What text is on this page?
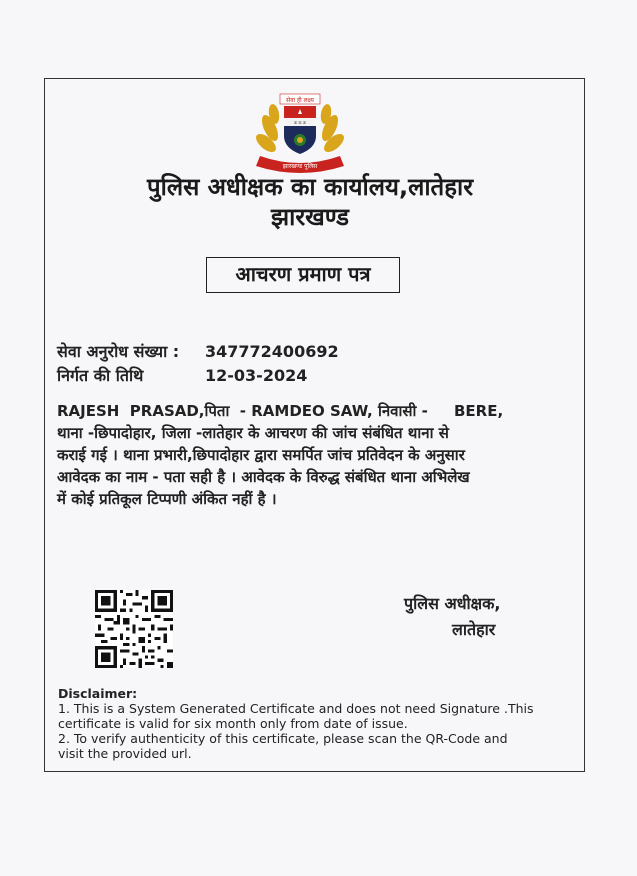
सेवा ही लक्ष्य
ऊ ऊ ऊ
झारखण्ड पुलिस
पुलिस अधीक्षक का कार्यालय,लातेहार
झारखण्ड
आचरण प्रमाण पत्र
सेवा अनुरोध संख्या : 347772400692
निर्गत की तिथि	12-03-2024
RAJESH  PRASAD,पिता  - RAMDEO SAW, निवासी -     BERE,
थाना -छिपादोहार, जिला -लातेहार के आचरण की जांच संबंधित थाना से
कराई गई । थाना प्रभारी,छिपादोहार द्वारा समर्पित जांच प्रतिवेदन के अनुसार
आवेदक का नाम - पता सही है । आवेदक के विरुद्ध संबंधित थाना अभिलेख
में कोई प्रतिकूल टिप्पणी अंकित नहीं है ।
पुलिस अधीक्षक,
लातेहार
Disclaimer:
1. This is a System Generated Certificate and does not need Signature .This
certificate is valid for six month only from date of issue.
2. To verify authenticity of this certificate, please scan the QR-Code and
visit the provided url.
